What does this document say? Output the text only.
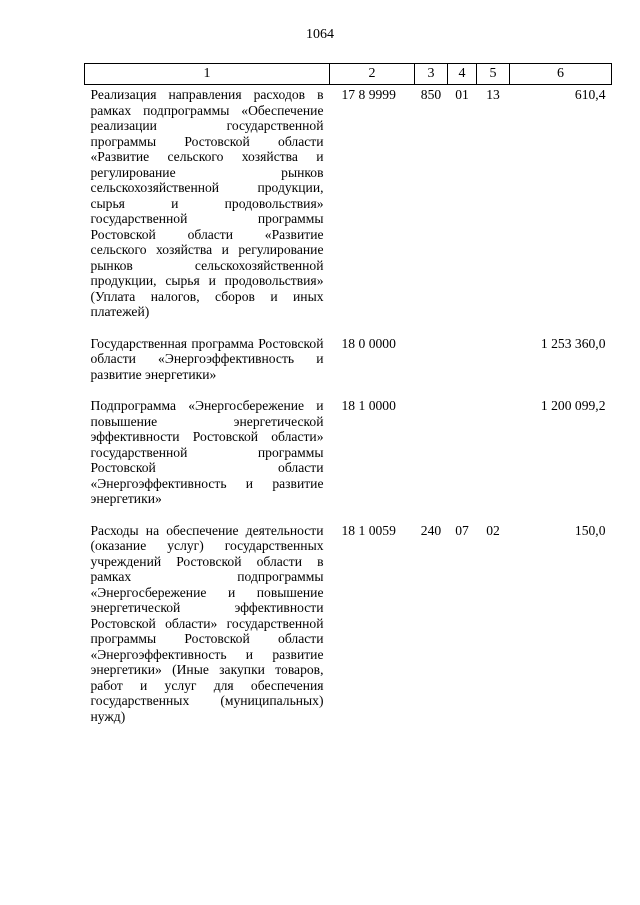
1064
1	2	3	4	5	6
Реализация направления расходов в рамках подпрограммы «Обеспечение реализации государственной программы Ростовской области «Развитие сельского хозяйства и регулирование рынков сельскохозяйственной продукции, сырья и продовольствия» государственной программы Ростовской области «Развитие сельского хозяйства и регулирование рынков сельскохозяйственной продукции, сырья и продовольствия» (Уплата налогов, сборов и иных платежей)	17 8 9999	850	01	13	610,4
Государственная программа Ростовской области «Энергоэффективность и развитие энергетики»	18 0 0000				1 253 360,0
Подпрограмма «Энергосбережение и повышение энергетической эффективности Ростовской области» государственной программы Ростовской области «Энергоэффективность и развитие энергетики»	18 1 0000				1 200 099,2
Расходы на обеспечение деятельности (оказание услуг) государственных учреждений Ростовской области в рамках подпрограммы «Энергосбережение и повышение энергетической эффективности Ростовской области» государственной программы Ростовской области «Энергоэффективность и развитие энергетики» (Иные закупки товаров, работ и услуг для обеспечения государственных (муниципальных) нужд)	18 1 0059	240	07	02	150,0
